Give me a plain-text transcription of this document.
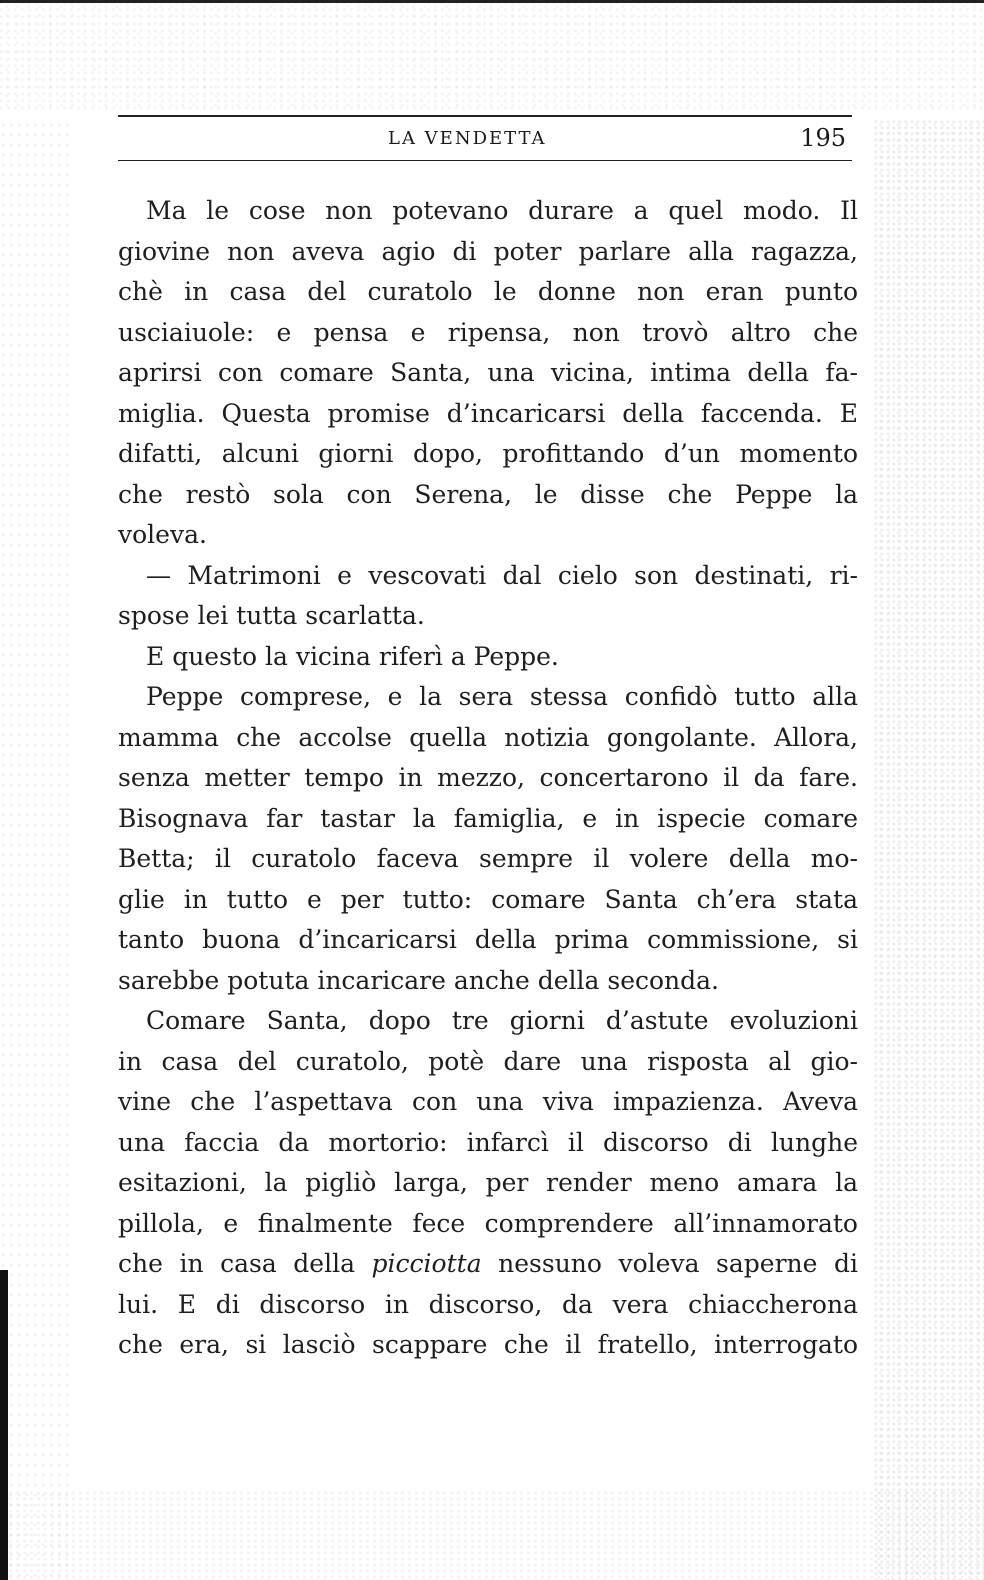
LA VENDETTA	195
Ma le cose non potevano durare a quel modo. Il
giovine non aveva agio di poter parlare alla ragazza,
chè in casa del curatolo le donne non eran punto
usciaiuole: e pensa e ripensa, non trovò altro che
aprirsi con comare Santa, una vicina, intima della fa-
miglia. Questa promise d’incaricarsi della faccenda. E
difatti, alcuni giorni dopo, profittando d’un momento
che restò sola con Serena, le disse che Peppe la
voleva.
— Matrimoni e vescovati dal cielo son destinati, ri-
spose lei tutta scarlatta.
E questo la vicina riferì a Peppe.
Peppe comprese, e la sera stessa confidò tutto alla
mamma che accolse quella notizia gongolante. Allora,
senza metter tempo in mezzo, concertarono il da fare.
Bisognava far tastar la famiglia, e in ispecie comare
Betta; il curatolo faceva sempre il volere della mo-
glie in tutto e per tutto: comare Santa ch’era stata
tanto buona d’incaricarsi della prima commissione, si
sarebbe potuta incaricare anche della seconda.
Comare Santa, dopo tre giorni d’astute evoluzioni
in casa del curatolo, potè dare una risposta al gio-
vine che l’aspettava con una viva impazienza. Aveva
una faccia da mortorio: infarcì il discorso di lunghe
esitazioni, la pigliò larga, per render meno amara la
pillola, e finalmente fece comprendere all’innamorato
che in casa della picciotta nessuno voleva saperne di
lui. E di discorso in discorso, da vera chiaccherona
che era, si lasciò scappare che il fratello, interrogato
